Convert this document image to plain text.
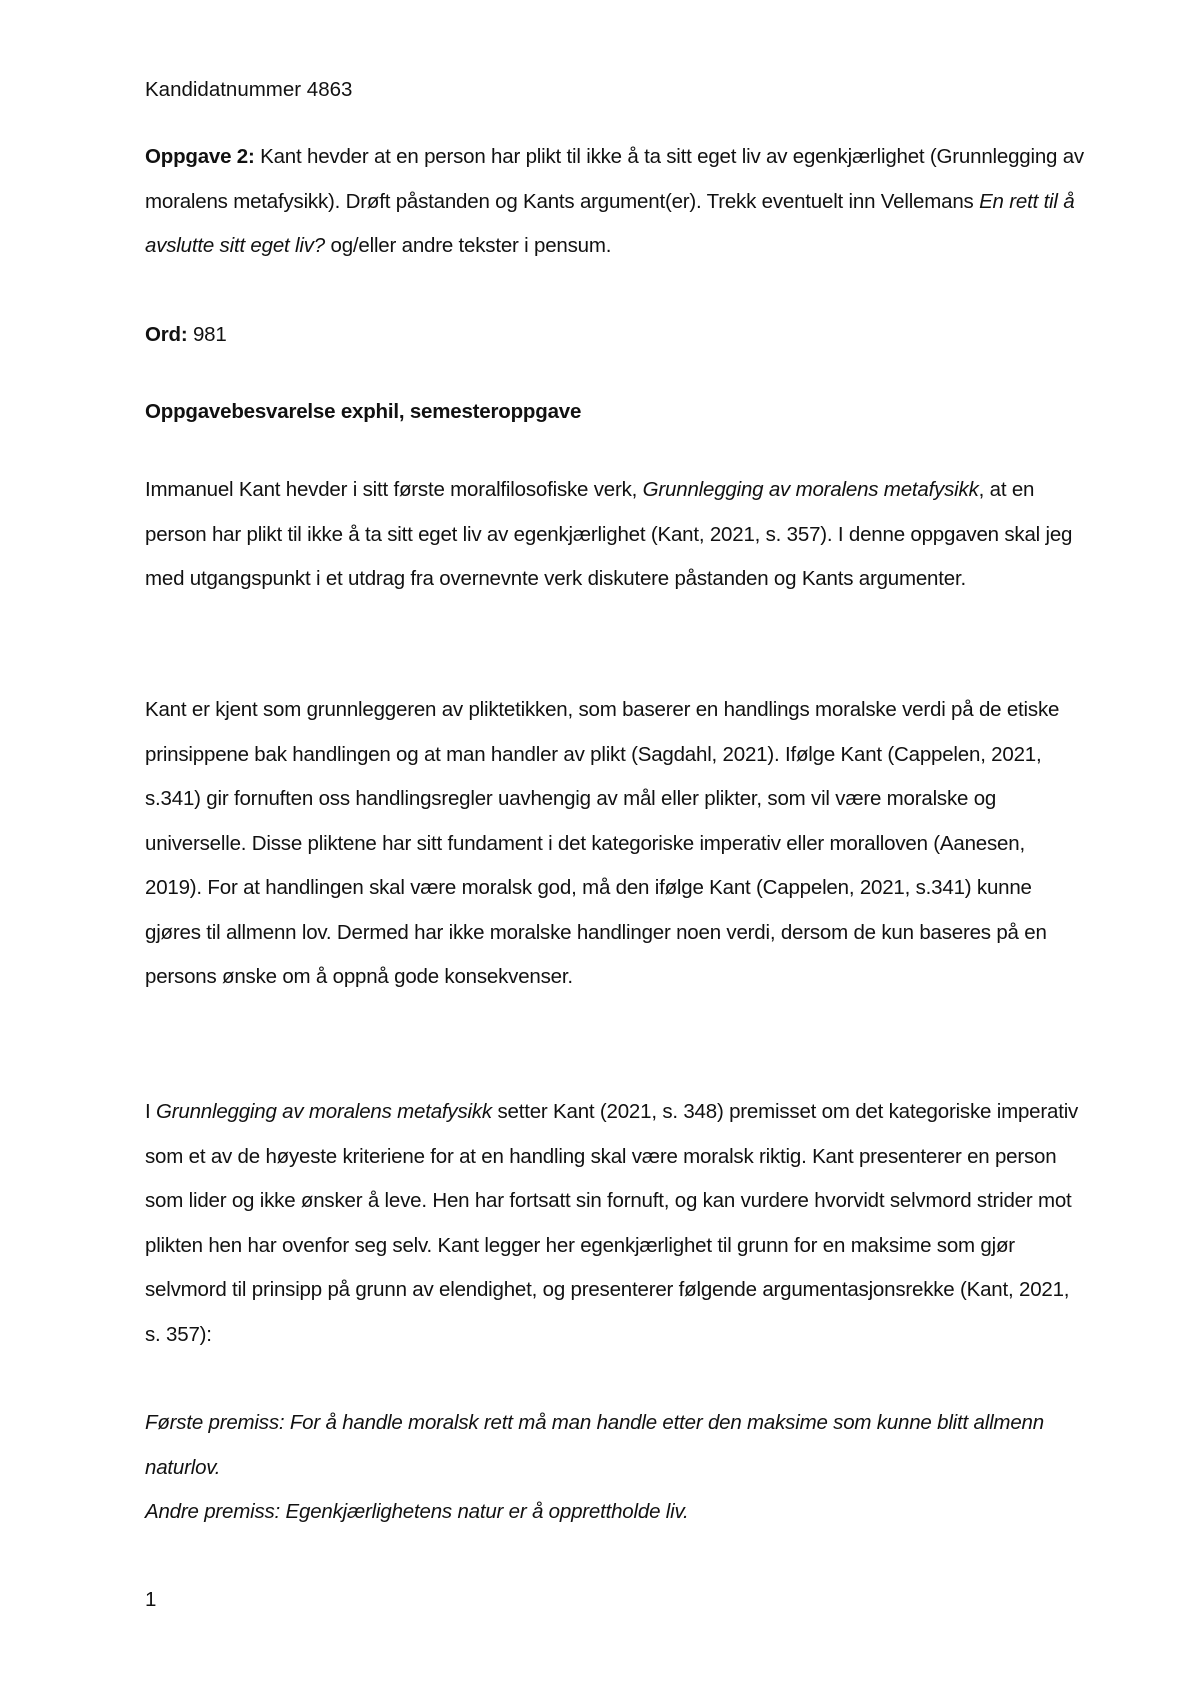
Kandidatnummer 4863

Oppgave 2: Kant hevder at en person har plikt til ikke å ta sitt eget liv av egenkjærlighet (Grunnlegging av moralens metafysikk). Drøft påstanden og Kants argument(er). Trekk eventuelt inn Vellemans En rett til å avslutte sitt eget liv? og/eller andre tekster i pensum.

Ord: 981

Oppgavebesvarelse exphil, semesteroppgave

Immanuel Kant hevder i sitt første moralfilosofiske verk, Grunnlegging av moralens metafysikk, at en person har plikt til ikke å ta sitt eget liv av egenkjærlighet (Kant, 2021, s. 357). I denne oppgaven skal jeg med utgangspunkt i et utdrag fra overnevnte verk diskutere påstanden og Kants argumenter.

Kant er kjent som grunnleggeren av pliktetikken, som baserer en handlings moralske verdi på de etiske prinsippene bak handlingen og at man handler av plikt (Sagdahl, 2021). Ifølge Kant (Cappelen, 2021, s.341) gir fornuften oss handlingsregler uavhengig av mål eller plikter, som vil være moralske og universelle. Disse pliktene har sitt fundament i det kategoriske imperativ eller moralloven (Aanesen, 2019). For at handlingen skal være moralsk god, må den ifølge Kant (Cappelen, 2021, s.341) kunne gjøres til allmenn lov. Dermed har ikke moralske handlinger noen verdi, dersom de kun baseres på en persons ønske om å oppnå gode konsekvenser.

I Grunnlegging av moralens metafysikk setter Kant (2021, s. 348) premisset om det kategoriske imperativ som et av de høyeste kriteriene for at en handling skal være moralsk riktig. Kant presenterer en person som lider og ikke ønsker å leve. Hen har fortsatt sin fornuft, og kan vurdere hvorvidt selvmord strider mot plikten hen har ovenfor seg selv. Kant legger her egenkjærlighet til grunn for en maksime som gjør selvmord til prinsipp på grunn av elendighet, og presenterer følgende argumentasjonsrekke (Kant, 2021, s. 357):

Første premiss: For å handle moralsk rett må man handle etter den maksime som kunne blitt allmenn naturlov.

Andre premiss: Egenkjærlighetens natur er å opprettholde liv.

1
